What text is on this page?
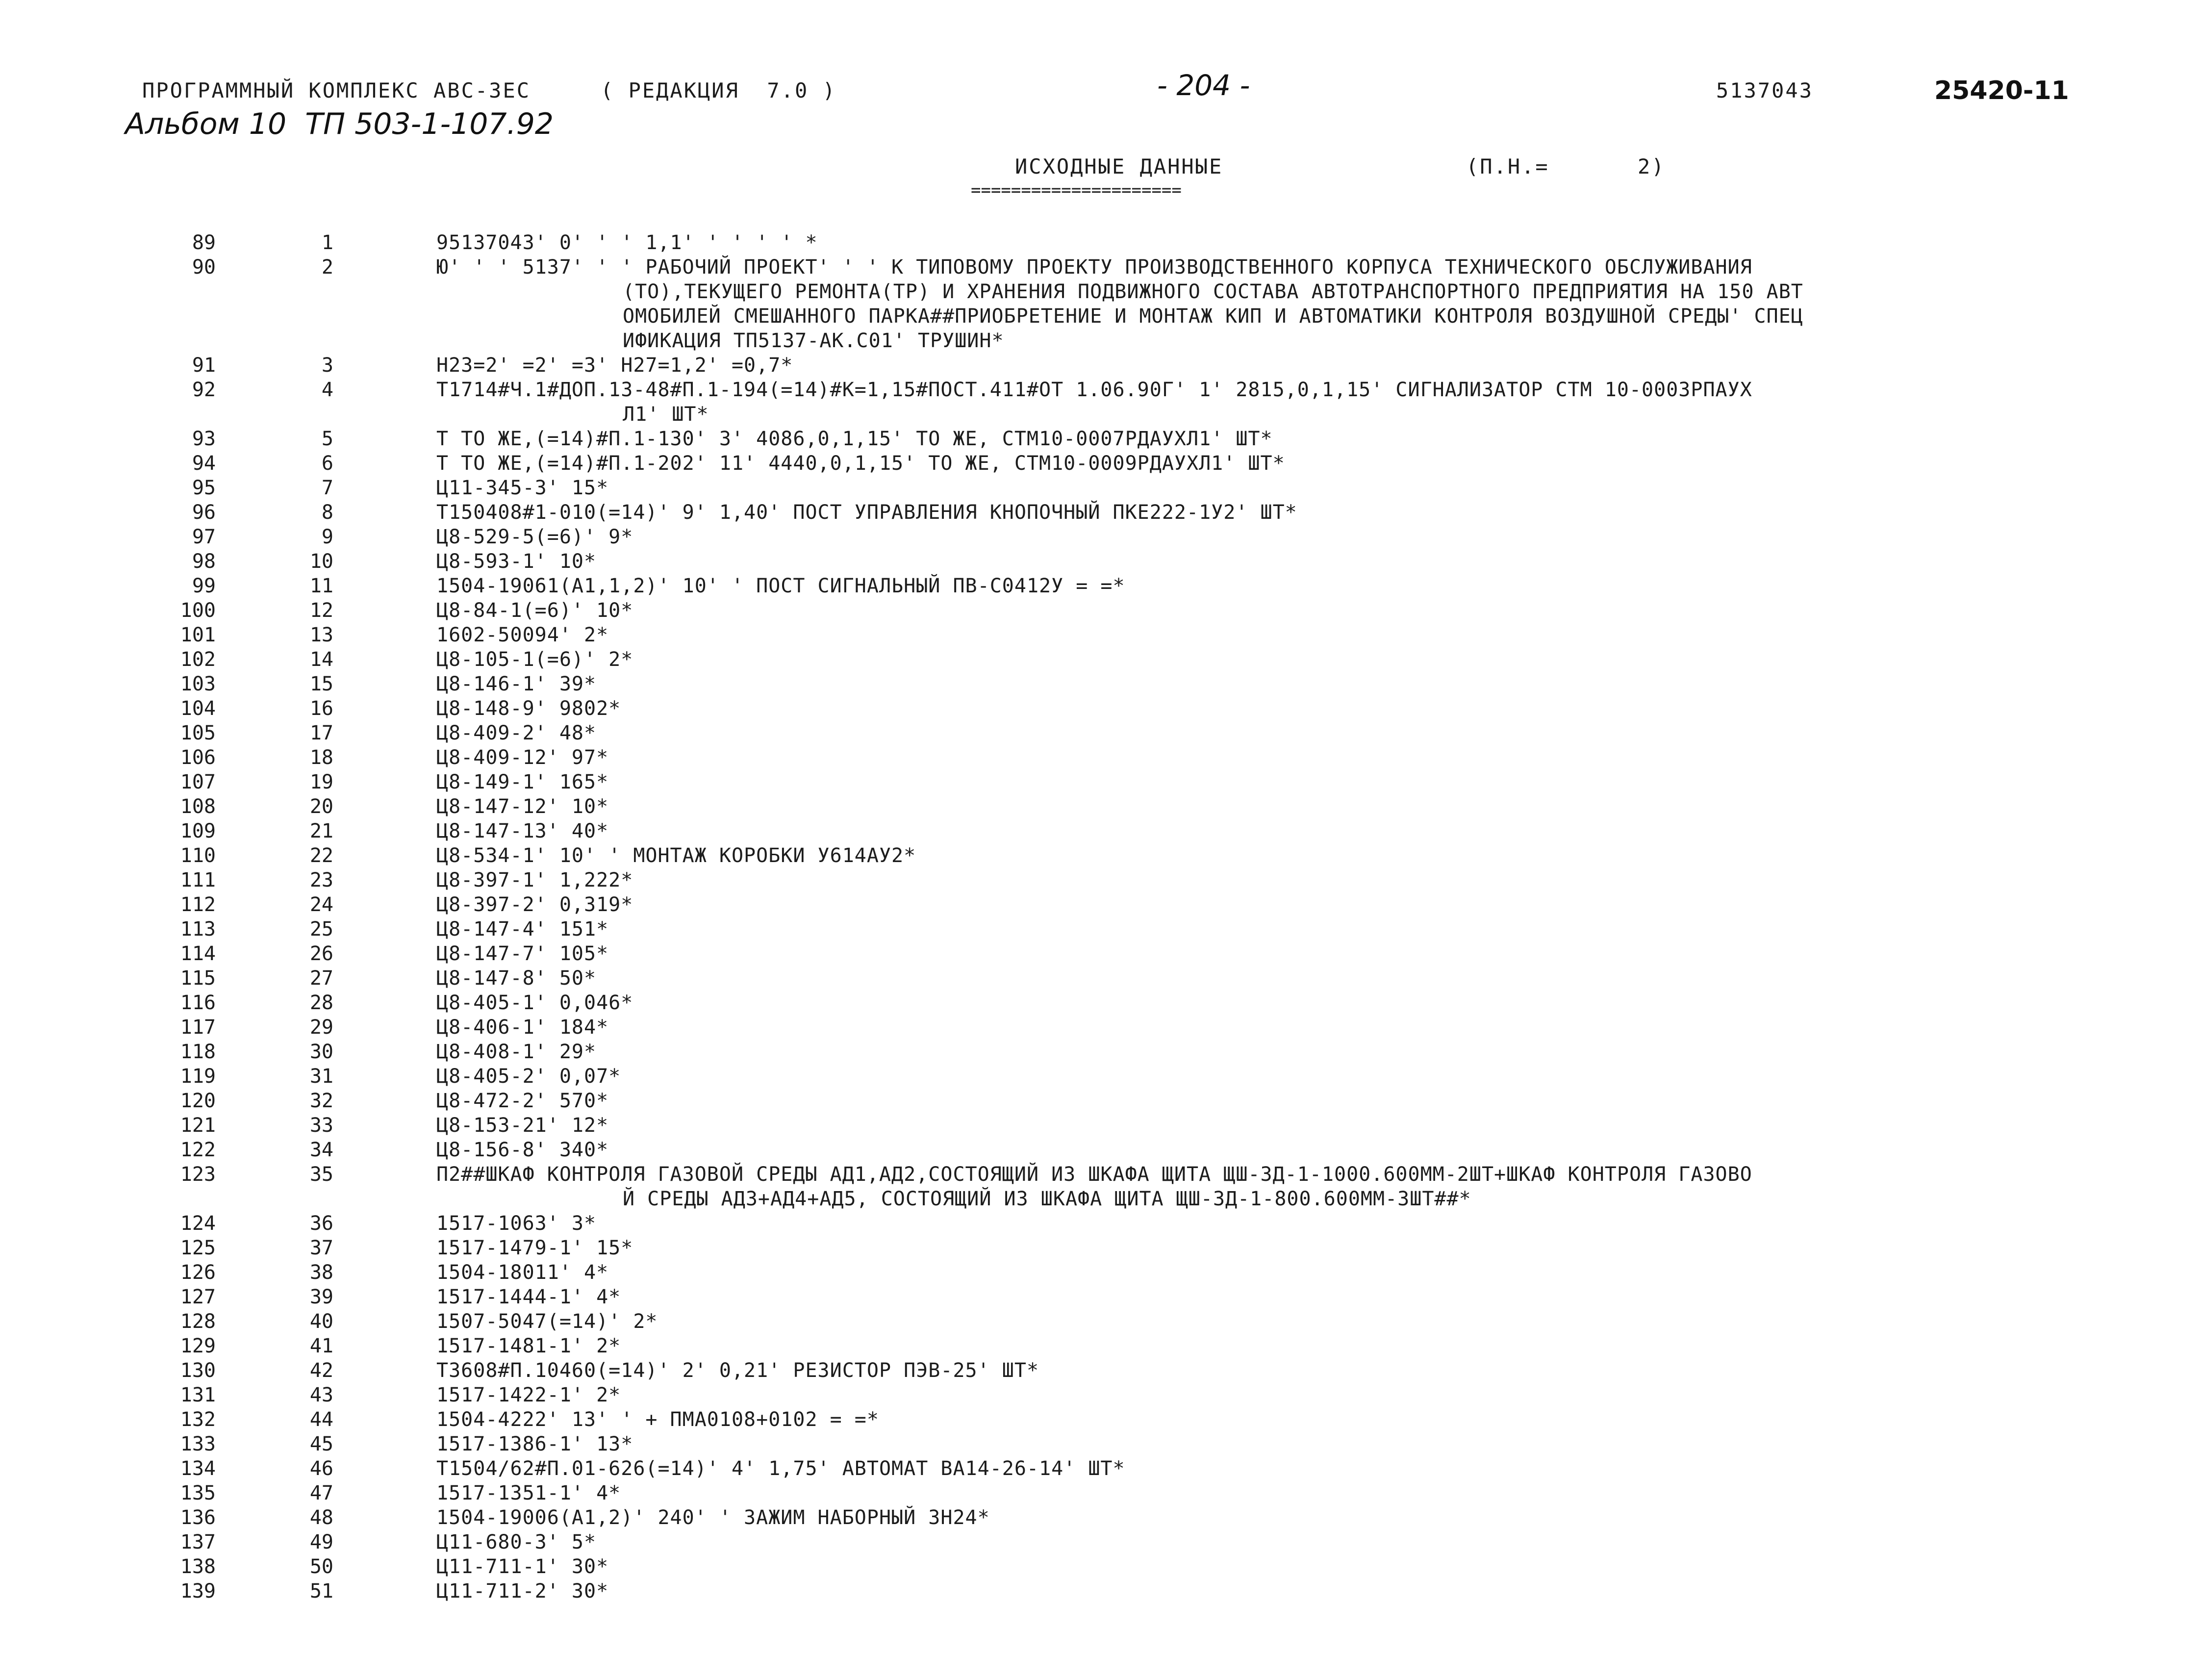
ПРОГРАММНЫЙ КОМПЛЕКС АВС-3ЕС	( РЕДАКЦИЯ  7.0 )	- 204 -	5137043	25420-11
Альбом 10  ТП 503-1-107.92
ИСХОДНЫЕ ДАННЫЕ
=====================
(П.Н.=	2)
89	1	95137043' 0' ' ' 1,1' ' ' ' ' *
90	2	Ю' ' ' 5137' ' ' РАБОЧИЙ ПРОЕКТ' ' ' К ТИПОВОМУ ПРОЕКТУ ПРОИЗВОДСТВЕННОГО КОРПУСА ТЕХНИЧЕСКОГО ОБСЛУЖИВАНИЯ
(ТО),ТЕКУЩЕГО РЕМОНТА(ТР) И ХРАНЕНИЯ ПОДВИЖНОГО СОСТАВА АВТОТРАНСПОРТНОГО ПРЕДПРИЯТИЯ НА 150 АВТ
ОМОБИЛЕЙ СМЕШАННОГО ПАРКА##ПРИОБРЕТЕНИЕ И МОНТАЖ КИП И АВТОМАТИКИ КОНТРОЛЯ ВОЗДУШНОЙ СРЕДЫ' СПЕЦ
ИФИКАЦИЯ ТП5137-АК.С01' ТРУШИН*
91	3	Н23=2' =2' =3' Н27=1,2' =0,7*
92	4	Т1714#Ч.1#ДОП.13-48#П.1-194(=14)#К=1,15#ПОСТ.411#ОТ 1.06.90Г' 1' 2815,0,1,15' СИГНАЛИЗАТОР СТМ 10-0003РПАУХ
Л1' ШТ*
93	5	Т ТО ЖЕ,(=14)#П.1-130' 3' 4086,0,1,15' ТО ЖЕ, СТМ10-0007РДАУХЛ1' ШТ*
94	6	Т ТО ЖЕ,(=14)#П.1-202' 11' 4440,0,1,15' ТО ЖЕ, СТМ10-0009РДАУХЛ1' ШТ*
95	7	Ц11-345-3' 15*
96	8	Т150408#1-010(=14)' 9' 1,40' ПОСТ УПРАВЛЕНИЯ КНОПОЧНЫЙ ПКЕ222-1У2' ШТ*
97	9	Ц8-529-5(=6)' 9*
98	10	Ц8-593-1' 10*
99	11	1504-19061(А1,1,2)' 10' ' ПОСТ СИГНАЛЬНЫЙ ПВ-С0412У = =*
100	12	Ц8-84-1(=6)' 10*
101	13	1602-50094' 2*
102	14	Ц8-105-1(=6)' 2*
103	15	Ц8-146-1' 39*
104	16	Ц8-148-9' 9802*
105	17	Ц8-409-2' 48*
106	18	Ц8-409-12' 97*
107	19	Ц8-149-1' 165*
108	20	Ц8-147-12' 10*
109	21	Ц8-147-13' 40*
110	22	Ц8-534-1' 10' ' МОНТАЖ КОРОБКИ У614АУ2*
111	23	Ц8-397-1' 1,222*
112	24	Ц8-397-2' 0,319*
113	25	Ц8-147-4' 151*
114	26	Ц8-147-7' 105*
115	27	Ц8-147-8' 50*
116	28	Ц8-405-1' 0,046*
117	29	Ц8-406-1' 184*
118	30	Ц8-408-1' 29*
119	31	Ц8-405-2' 0,07*
120	32	Ц8-472-2' 570*
121	33	Ц8-153-21' 12*
122	34	Ц8-156-8' 340*
123	35	П2##ШКАФ КОНТРОЛЯ ГАЗОВОЙ СРЕДЫ АД1,АД2,СОСТОЯЩИЙ ИЗ ШКАФА ЩИТА ЩШ-3Д-1-1000.600ММ-2ШТ+ШКАФ КОНТРОЛЯ ГАЗОВО
Й СРЕДЫ АД3+АД4+АД5, СОСТОЯЩИЙ ИЗ ШКАФА ЩИТА ЩШ-3Д-1-800.600ММ-3ШТ##*
124	36	1517-1063' 3*
125	37	1517-1479-1' 15*
126	38	1504-18011' 4*
127	39	1517-1444-1' 4*
128	40	1507-5047(=14)' 2*
129	41	1517-1481-1' 2*
130	42	Т3608#П.10460(=14)' 2' 0,21' РЕЗИСТОР ПЭВ-25' ШТ*
131	43	1517-1422-1' 2*
132	44	1504-4222' 13' ' + ПМА0108+0102 = =*
133	45	1517-1386-1' 13*
134	46	Т1504/62#П.01-626(=14)' 4' 1,75' АВТОМАТ ВА14-26-14' ШТ*
135	47	1517-1351-1' 4*
136	48	1504-19006(А1,2)' 240' ' ЗАЖИМ НАБОРНЫЙ ЗН24*
137	49	Ц11-680-3' 5*
138	50	Ц11-711-1' 30*
139	51	Ц11-711-2' 30*
